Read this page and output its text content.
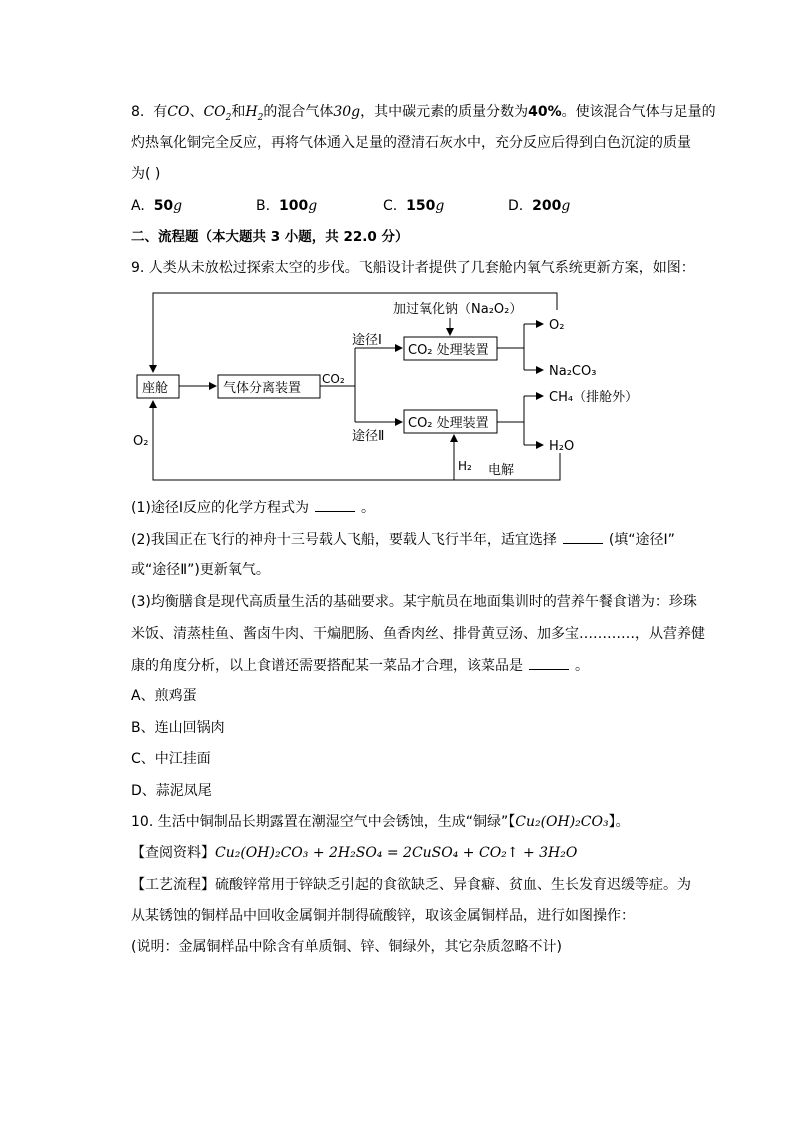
8. 有CO、$CO_2$和$H_2$的混合气体30g，其中碳元素的质量分数为40%。使该混合气体与足量的
灼热氧化铜完全反应，再将气体通入足量的澄清石灰水中，充分反应后得到白色沉淀的质量
为( )
A. 50g	B. 100g	C. 150g	D. 200g
二、流程题（本大题共 3 小题，共 22.0 分）
9. 人类从未放松过探索太空的步伐。飞船设计者提供了几套舱内氧气系统更新方案，如图：
座舱	气体分离装置
CO₂
途径Ⅰ
途径Ⅱ
加过氧化钠（Na₂O₂）
CO₂ 处理装置
CO₂ 处理装置
O₂
Na₂CO₃
CH₄（排舱外）
H₂O
H₂ 电解
O₂
(1)途径Ⅰ反应的化学方程式为	。
(2)我国正在飞行的神舟十三号载人飞船，要载人飞行半年，适宜选择	(填“途径Ⅰ”
或“途径Ⅱ”)更新氧气。
(3)均衡膳食是现代高质量生活的基础要求。某宇航员在地面集训时的营养午餐食谱为：珍珠
米饭、清蒸桂鱼、酱卤牛肉、干煸肥肠、鱼香肉丝、排骨黄豆汤、加多宝…………，从营养健
康的角度分析，以上食谱还需要搭配某一菜品才合理，该菜品是	。
A、煎鸡蛋
B、连山回锅肉
C、中江挂面
D、蒜泥凤尾
10. 生活中铜制品长期露置在潮湿空气中会锈蚀，生成“铜绿”【Cu₂(OH)₂CO₃】。
【查阅资料】Cu₂(OH)₂CO₃ + 2H₂SO₄ = 2CuSO₄ + CO₂↑ + 3H₂O
【工艺流程】硫酸锌常用于锌缺乏引起的食欲缺乏、异食癖、贫血、生长发育迟缓等症。为
从某锈蚀的铜样品中回收金属铜并制得硫酸锌，取该金属铜样品，进行如图操作：
(说明：金属铜样品中除含有单质铜、锌、铜绿外，其它杂质忽略不计)
